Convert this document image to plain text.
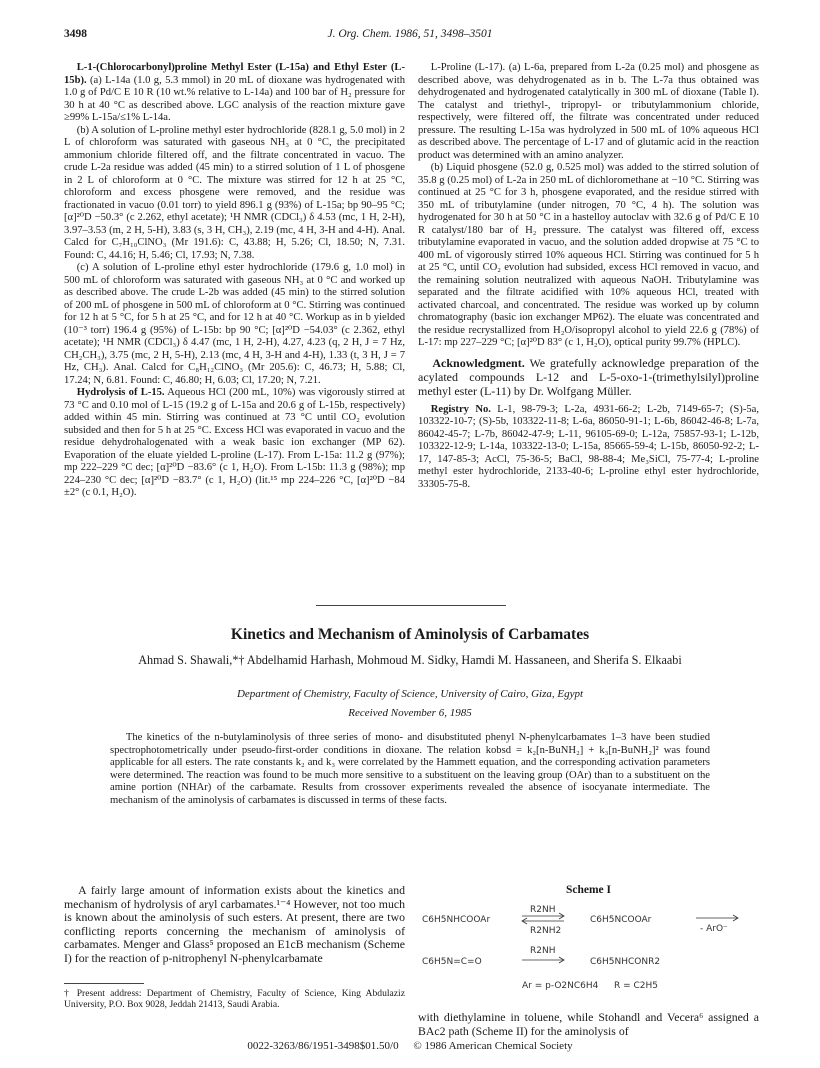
3498	J. Org. Chem. 1986, 51, 3498–3501

L-1-(Chlorocarbonyl)proline Methyl Ester (L-15a) and Ethyl Ester (L-15b). (a) L-14a (1.0 g, 5.3 mmol) in 20 mL of dioxane was hydrogenated with 1.0 g of Pd/C E 10 R (10 wt.% relative to L-14a) and 100 bar of H₂ pressure for 30 h at 40 °C as described above. LGC analysis of the reaction mixture gave ≥99% L-15a/≤1% L-14a.

(b) A solution of L-proline methyl ester hydrochloride (828.1 g, 5.0 mol) in 2 L of chloroform was saturated with gaseous NH₃ at 0 °C, the precipitated ammonium chloride filtered off, and the filtrate concentrated in vacuo. The crude L-2a residue was added (45 min) to a stirred solution of 1 L of phosgene in 2 L of chloroform at 0 °C. The mixture was stirred for 12 h at 25 °C, chloroform and excess phosgene were removed, and the residue was fractionated in vacuo (0.01 torr) to yield 896.1 g (93%) of L-15a; bp 90–95 °C; [α]²⁰D −50.3° (c 2.262, ethyl acetate); ¹H NMR (CDCl₃) δ 4.53 (mc, 1 H, 2-H), 3.97–3.53 (m, 2 H, 5-H), 3.83 (s, 3 H, CH₃), 2.19 (mc, 4 H, 3-H and 4-H). Anal. Calcd for C₇H₁₀ClNO₃ (Mr 191.6): C, 43.88; H, 5.26; Cl, 18.50; N, 7.31. Found: C, 44.16; H, 5.46; Cl, 17.93; N, 7.38.

(c) A solution of L-proline ethyl ester hydrochloride (179.6 g, 1.0 mol) in 500 mL of chloroform was saturated with gaseous NH₃ at 0 °C and worked up as described above. The crude L-2b was added (45 min) to the stirred solution of 200 mL of phosgene in 500 mL of chloroform at 0 °C. Stirring was continued for 12 h at 5 °C, for 5 h at 25 °C, and for 12 h at 40 °C. Workup as in b yielded (10⁻³ torr) 196.4 g (95%) of L-15b: bp 90 °C; [α]²⁰D −54.03° (c 2.362, ethyl acetate); ¹H NMR (CDCl₃) δ 4.47 (mc, 1 H, 2-H), 4.27, 4.23 (q, 2 H, J = 7 Hz, CH₂CH₃), 3.75 (mc, 2 H, 5-H), 2.13 (mc, 4 H, 3-H and 4-H), 1.33 (t, 3 H, J = 7 Hz, CH₃). Anal. Calcd for C₈H₁₂ClNO₃ (Mr 205.6): C, 46.73; H, 5.88; Cl, 17.24; N, 6.81. Found: C, 46.80; H, 6.03; Cl, 17.20; N, 7.21.

Hydrolysis of L-15. Aqueous HCl (200 mL, 10%) was vigorously stirred at 73 °C and 0.10 mol of L-15 (19.2 g of L-15a and 20.6 g of L-15b, respectively) added within 45 min. Stirring was continued at 73 °C until CO₂ evolution subsided and then for 5 h at 25 °C. Excess HCl was evaporated in vacuo and the residue dehydrohalogenated with a weak basic ion exchanger (MP 62). Evaporation of the eluate yielded L-proline (L-17). From L-15a: 11.2 g (97%); mp 222–229 °C dec; [α]²⁰D −83.6° (c 1, H₂O). From L-15b: 11.3 g (98%); mp 224–230 °C dec; [α]²⁰D −83.7° (c 1, H₂O) (lit.¹⁵ mp 224–226 °C, [α]²⁰D −84 ±2° (c 0.1, H₂O).

L-Proline (L-17). (a) L-6a, prepared from L-2a (0.25 mol) and phosgene as described above, was dehydrogenated as in b. The L-7a thus obtained was dehydrogenated and hydrogenated catalytically in 300 mL of dioxane (Table I). The catalyst and triethyl-, tripropyl- or tributylammonium chloride, respectively, were filtered off, the filtrate was concentrated under reduced pressure. The resulting L-15a was hydrolyzed in 500 mL of 10% aqueous HCl as described above. The percentage of L-17 and of glutamic acid in the reaction product was determined with an amino analyzer.

(b) Liquid phosgene (52.0 g, 0.525 mol) was added to the stirred solution of 35.8 g (0.25 mol) of L-2a in 250 mL of dichloromethane at −10 °C. Stirring was continued at 25 °C for 3 h, phosgene evaporated, and the residue stirred with 350 mL of tributylamine (under nitrogen, 70 °C, 4 h). The solution was hydrogenated for 30 h at 50 °C in a hastelloy autoclav with 32.6 g of Pd/C E 10 R catalyst/180 bar of H₂ pressure. The catalyst was filtered off, excess tributylamine evaporated in vacuo, and the solution added dropwise at 75 °C to 400 mL of vigorously stirred 10% aqueous HCl. Stirring was continued for 5 h at 25 °C, until CO₂ evolution had subsided, excess HCl removed in vacuo, and the remaining solution neutralized with aqueous NaOH. Tributylamine was separated and the filtrate acidified with 10% aqueous HCl, treated with activated charcoal, and concentrated. The residue was worked up by column chromatography (basic ion exchanger MP62). The eluate was concentrated and the residue recrystallized from H₂O/isopropyl alcohol to yield 22.6 g (78%) of L-17: mp 227–229 °C; [α]²⁰D 83° (c 1, H₂O), optical purity 99.7% (HPLC).

Acknowledgment. We gratefully acknowledge preparation of the acylated compounds L-12 and L-5-oxo-1-(trimethylsilyl)proline methyl ester (L-11) by Dr. Wolfgang Müller.

Registry No. L-1, 98-79-3; L-2a, 4931-66-2; L-2b, 7149-65-7; (S)-5a, 103322-10-7; (S)-5b, 103322-11-8; L-6a, 86050-91-1; L-6b, 86042-46-8; L-7a, 86042-45-7; L-7b, 86042-47-9; L-11, 96105-69-0; L-12a, 75857-93-1; L-12b, 103322-12-9; L-14a, 103322-13-0; L-15a, 85665-59-4; L-15b, 86050-92-2; L-17, 147-85-3; AcCl, 75-36-5; BaCl, 98-88-4; Me₃SiCl, 75-77-4; L-proline methyl ester hydrochloride, 2133-40-6; L-proline ethyl ester hydrochloride, 33305-75-8.

Kinetics and Mechanism of Aminolysis of Carbamates
Ahmad S. Shawali,*† Abdelhamid Harhash, Mohmoud M. Sidky, Hamdi M. Hassaneen, and Sherifa S. Elkaabi
Department of Chemistry, Faculty of Science, University of Cairo, Giza, Egypt
Received November 6, 1985

The kinetics of the n-butylaminolysis of three series of mono- and disubstituted phenyl N-phenylcarbamates 1–3 have been studied spectrophotometrically under pseudo-first-order conditions in dioxane. The relation kobsd = k₂[n-BuNH₂] + k₃[n-BuNH₂]² was found applicable for all esters. The rate constants k₂ and k₃ were correlated by the Hammett equation, and the corresponding activation parameters were determined. The reaction was found to be much more sensitive to a substituent on the leaving group (OAr) than to a substituent on the amine portion (NHAr) of the carbamate. Results from crossover experiments revealed the absence of isocyanate intermediate. The mechanism of the aminolysis of carbamates is discussed in terms of these facts.

A fairly large amount of information exists about the kinetics and mechanism of hydrolysis of aryl carbamates.¹⁻⁴ However, not too much is known about the aminolysis of such esters. At present, there are two conflicting reports concerning the mechanism of aminolysis of carbamates. Menger and Glass⁵ proposed an E1cB mechanism (Scheme I) for the reaction of p-nitrophenyl N-phenylcarbamate

† Present address: Department of Chemistry, Faculty of Science, King Abdulaziz University, P.O. Box 9028, Jeddah 21413, Saudi Arabia.
Scheme I
C6H5NHCOOAr
R2NH
R2NH2
C6H5NCOOAr
- ArO⁻
C6H5N=C=O
R2NH
C6H5NHCONR2
Ar = p-O2NC6H4 R = C2H5
with diethylamine in toluene, while Stohandl and Vecera⁶ assigned a BAc2 path (Scheme II) for the aminolysis of
0022-3263/86/1951-3498$01.50/0 © 1986 American Chemical Society
